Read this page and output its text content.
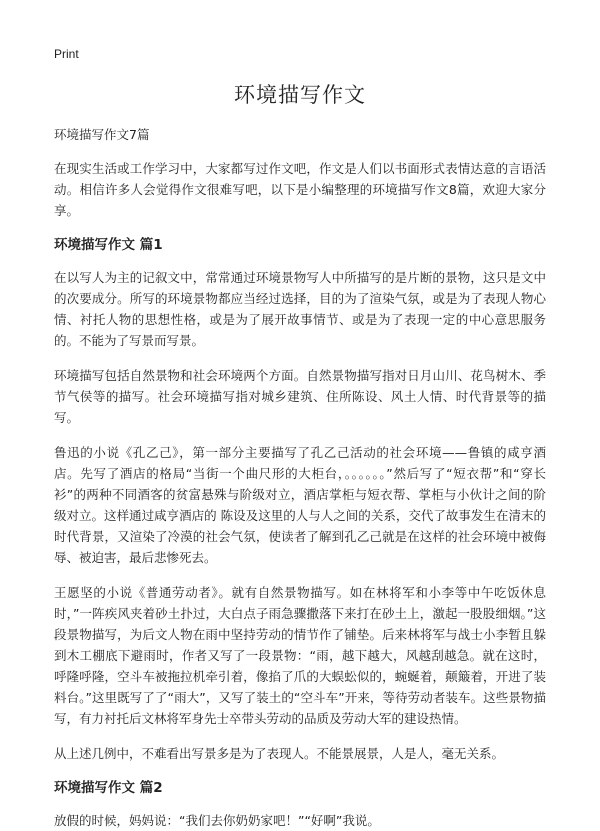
Print
环境描写作文
环境描写作文7篇

在现实生活或工作学习中，大家都写过作文吧，作文是人们以书面形式表情达意的言语活动。相信许多人会觉得作文很难写吧，以下是小编整理的环境描写作文8篇，欢迎大家分享。

环境描写作文 篇1

在以写人为主的记叙文中，常常通过环境景物写人中所描写的是片断的景物，这只是文中的次要成分。所写的环境景物都应当经过选择，目的为了渲染气氛，或是为了表现人物心情、衬托人物的思想性格，或是为了展开故事情节、或是为了表现一定的中心意思服务的。不能为了写景而写景。

环境描写包括自然景物和社会环境两个方面。自然景物描写指对日月山川、花鸟树木、季节气侯等的描写。社会环境描写指对城乡建筑、住所陈设、风土人情、时代背景等的描写。

鲁迅的小说《孔乙己》，第一部分主要描写了孔乙己活动的社会环境——鲁镇的咸亨酒店。先写了酒店的格局“当街一个曲尺形的大柜台，。。。。。。”然后写了“短衣帮”和“穿长衫”的两种不同酒客的贫富悬殊与阶级对立，酒店掌柜与短衣帮、掌柜与小伙计之间的阶级对立。这样通过咸亨酒店的 陈设及这里的人与人之间的关系，交代了故事发生在清末的时代背景，又渲染了冷漠的社会气氛，使读者了解到孔乙己就是在这样的社会环境中被侮辱、被迫害，最后悲惨死去。

王愿坚的小说《普通劳动者》。就有自然景物描写。如在林将军和小李等中午吃饭休息时，”一阵疾风夹着砂土扑过，大白点子雨急骤撒落下来打在砂土上，激起一股股细烟。”这段景物描写，为后文人物在雨中坚持劳动的情节作了铺垫。后来林将军与战士小李暂且躲到木工棚底下避雨时，作者又写了一段景物：“雨，越下越大，风越刮越急。就在这时，呼隆呼隆，空斗车被拖拉机牵引着，像掐了爪的大蜈蚣似的，蜿蜒着，颠簸着，开进了装料台。”这里既写了了“雨大”，又写了装土的“空斗车”开来，等待劳动者装车。这些景物描写，有力衬托后文林将军身先士卒带头劳动的品质及劳动大军的建设热情。

从上述几例中，不难看出写景多是为了表现人。不能景展景，人是人，毫无关系。

环境描写作文 篇2

放假的时候，妈妈说：“我们去你奶奶家吧！”“好啊”我说。
